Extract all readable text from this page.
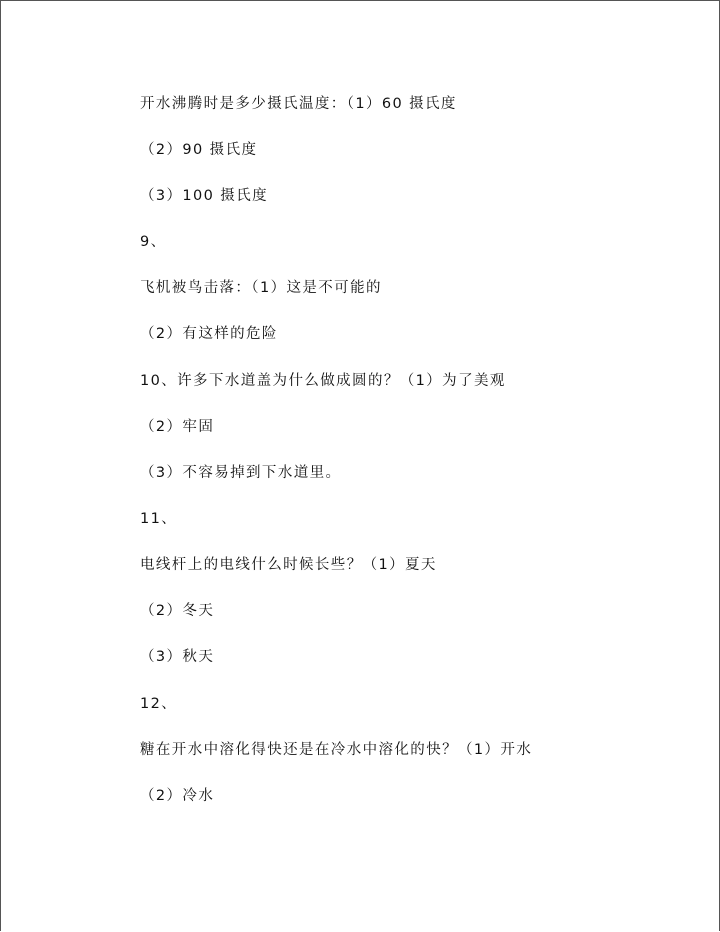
开水沸腾时是多少摄氏温度：（1）60 摄氏度
（2）90 摄氏度
（3）100 摄氏度
9、
飞机被鸟击落：（1）这是不可能的
（2）有这样的危险
10、许多下水道盖为什么做成圆的？（1）为了美观
（2）牢固
（3）不容易掉到下水道里。
11、
电线杆上的电线什么时候长些？（1）夏天
（2）冬天
（3）秋天
12、
糖在开水中溶化得快还是在冷水中溶化的快？（1）开水
（2）冷水
